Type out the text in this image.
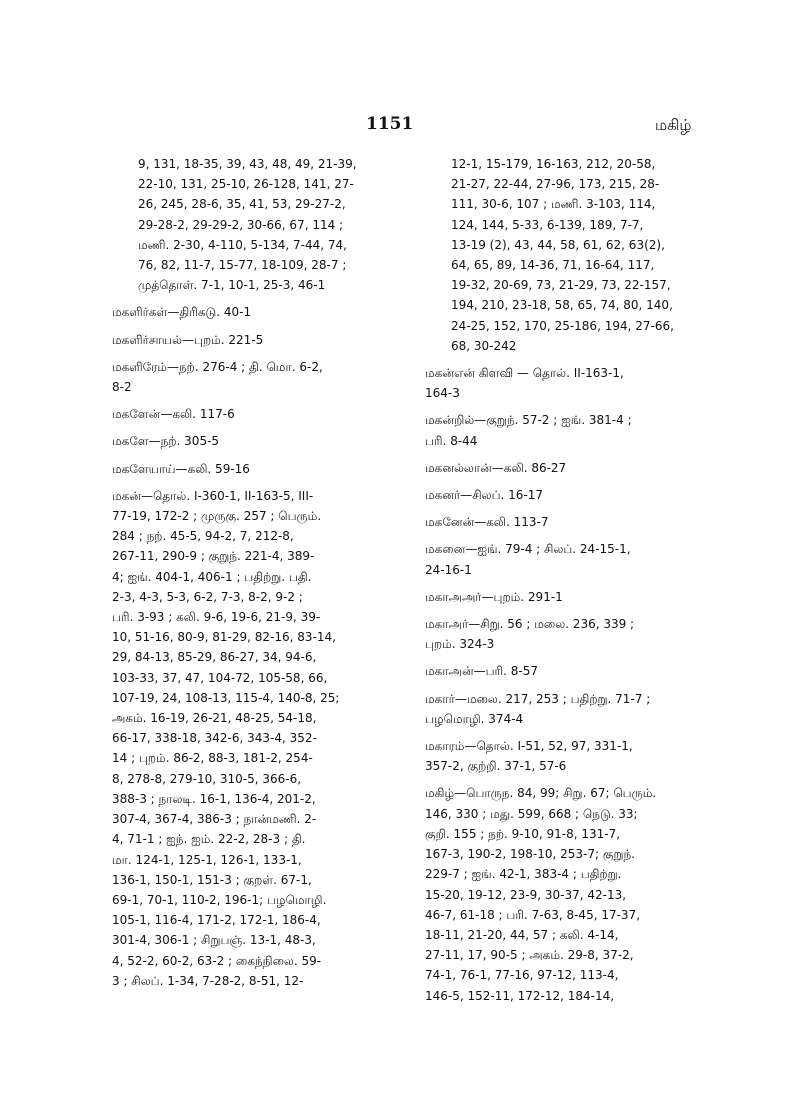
1151	மகிழ்
9, 131, 18-35, 39, 43, 48, 49, 21-39,
22-10, 131, 25-10, 26-128, 141, 27-
26, 245, 28-6, 35, 41, 53, 29-27-2,
29-28-2, 29-29-2, 30-66, 67, 114 ;
மணி. 2-30, 4-110, 5-134, 7-44, 74,
76, 82, 11-7, 15-77, 18-109, 28-7 ;
முத்தொள். 7-1, 10-1, 25-3, 46-1
மகளிர்கள்—திரிகடு. 40-1
மகளிர்சாயல்—புறம். 221-5
மகளிரேம்—நற். 276-4 ; தி. மொ. 6-2,
8-2
மகளேன்—கலி. 117-6
மகளே—நற். 305-5
மகளேயாய்—கலி. 59-16
மகன்—தொல். I-360-1, II-163-5, III-
77-19, 172-2 ; முருகு. 257 ; பெரும்.
284 ; நற். 45-5, 94-2, 7, 212-8,
267-11, 290-9 ; குறுந். 221-4, 389-
4; ஐங். 404-1, 406-1 ; பதிற்று. பதி.
2-3, 4-3, 5-3, 6-2, 7-3, 8-2, 9-2 ;
பரி. 3-93 ; கலி. 9-6, 19-6, 21-9, 39-
10, 51-16, 80-9, 81-29, 82-16, 83-14,
29, 84-13, 85-29, 86-27, 34, 94-6,
103-33, 37, 47, 104-72, 105-58, 66,
107-19, 24, 108-13, 115-4, 140-8, 25;
அகம். 16-19, 26-21, 48-25, 54-18,
66-17, 338-18, 342-6, 343-4, 352-
14 ; புறம். 86-2, 88-3, 181-2, 254-
8, 278-8, 279-10, 310-5, 366-6,
388-3 ; நாலடி. 16-1, 136-4, 201-2,
307-4, 367-4, 386-3 ; நான்மணி. 2-
4, 71-1 ; ஐந். ஐம். 22-2, 28-3 ; தி.
மா. 124-1, 125-1, 126-1, 133-1,
136-1, 150-1, 151-3 ; குறள். 67-1,
69-1, 70-1, 110-2, 196-1; பழமொழி.
105-1, 116-4, 171-2, 172-1, 186-4,
301-4, 306-1 ; சிறுபஞ். 13-1, 48-3,
4, 52-2, 60-2, 63-2 ; கைந்நிலை. 59-
3 ; சிலப். 1-34, 7-28-2, 8-51, 12-
12-1, 15-179, 16-163, 212, 20-58,
21-27, 22-44, 27-96, 173, 215, 28-
111, 30-6, 107 ; மணி. 3-103, 114,
124, 144, 5-33, 6-139, 189, 7-7,
13-19 (2), 43, 44, 58, 61, 62, 63(2),
64, 65, 89, 14-36, 71, 16-64, 117,
19-32, 20-69, 73, 21-29, 73, 22-157,
194, 210, 23-18, 58, 65, 74, 80, 140,
24-25, 152, 170, 25-186, 194, 27-66,
68, 30-242
மகன்என் கிளவி — தொல். II-163-1,
164-3
மகன்றில்—குறுந். 57-2 ; ஐங். 381-4 ;
பரி. 8-44
மகனல்லான்—கலி. 86-27
மகனர்—சிலப். 16-17
மகனேன்—கலி. 113-7
மகனை—ஐங். 79-4 ; சிலப். 24-15-1,
24-16-1
மகாஅஅர்—புறம். 291-1
மகாஅர்—சிறு. 56 ; மலை. 236, 339 ;
புறம். 324-3
மகாஅன்—பரி. 8-57
மகார்—மலை. 217, 253 ; பதிற்று. 71-7 ;
பழமொழி. 374-4
மகாரம்—தொல். I-51, 52, 97, 331-1,
357-2, குற்றி. 37-1, 57-6
மகிழ்—பொருந. 84, 99; சிறு. 67; பெரும்.
146, 330 ; மது. 599, 668 ; நெடு. 33;
குறி. 155 ; நற். 9-10, 91-8, 131-7,
167-3, 190-2, 198-10, 253-7; குறுந்.
229-7 ; ஐங். 42-1, 383-4 ; பதிற்று.
15-20, 19-12, 23-9, 30-37, 42-13,
46-7, 61-18 ; பரி. 7-63, 8-45, 17-37,
18-11, 21-20, 44, 57 ; கலி. 4-14,
27-11, 17, 90-5 ; அகம். 29-8, 37-2,
74-1, 76-1, 77-16, 97-12, 113-4,
146-5, 152-11, 172-12, 184-14,
